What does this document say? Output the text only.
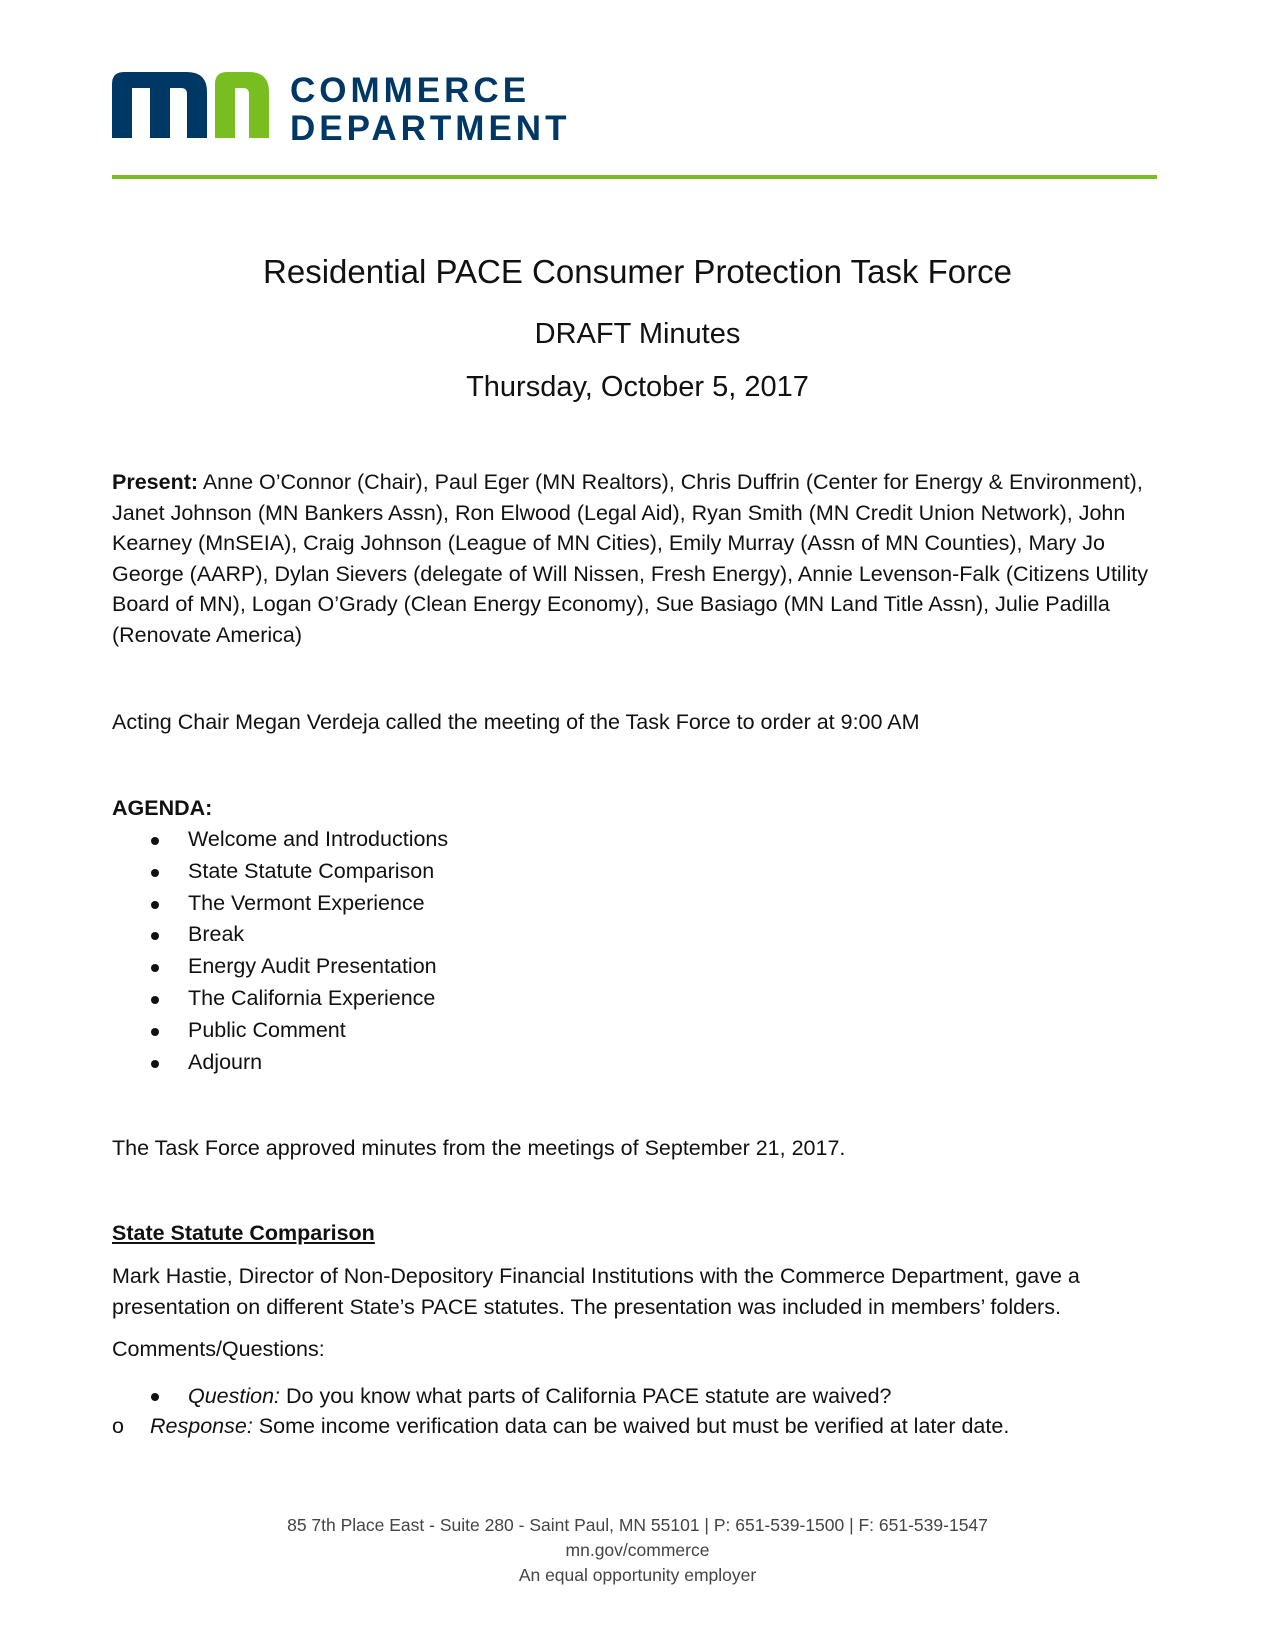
COMMERCE
DEPARTMENT
Residential PACE Consumer Protection Task Force
DRAFT Minutes
Thursday, October 5, 2017

Present: Anne O’Connor (Chair), Paul Eger (MN Realtors), Chris Duffrin (Center for Energy & Environment), Janet Johnson (MN Bankers Assn), Ron Elwood (Legal Aid), Ryan Smith (MN Credit Union Network), John Kearney (MnSEIA), Craig Johnson (League of MN Cities), Emily Murray (Assn of MN Counties), Mary Jo George (AARP), Dylan Sievers (delegate of Will Nissen, Fresh Energy), Annie Levenson-Falk (Citizens Utility Board of MN), Logan O’Grady (Clean Energy Economy), Sue Basiago (MN Land Title Assn), Julie Padilla (Renovate America)

Acting Chair Megan Verdeja called the meeting of the Task Force to order at 9:00 AM

AGENDA:

Welcome and Introductions
State Statute Comparison
The Vermont Experience
Break
Energy Audit Presentation
The California Experience
Public Comment
Adjourn

The Task Force approved minutes from the meetings of September 21, 2017.

State Statute Comparison

Mark Hastie, Director of Non-Depository Financial Institutions with the Commerce Department, gave a presentation on different State’s PACE statutes. The presentation was included in members’ folders.

Comments/Questions:

Question: Do you know what parts of California PACE statute are waived?
o Response: Some income verification data can be waived but must be verified at later date.
85 7th Place East - Suite 280 - Saint Paul, MN 55101 | P: 651-539-1500 | F: 651-539-1547
mn.gov/commerce
An equal opportunity employer
